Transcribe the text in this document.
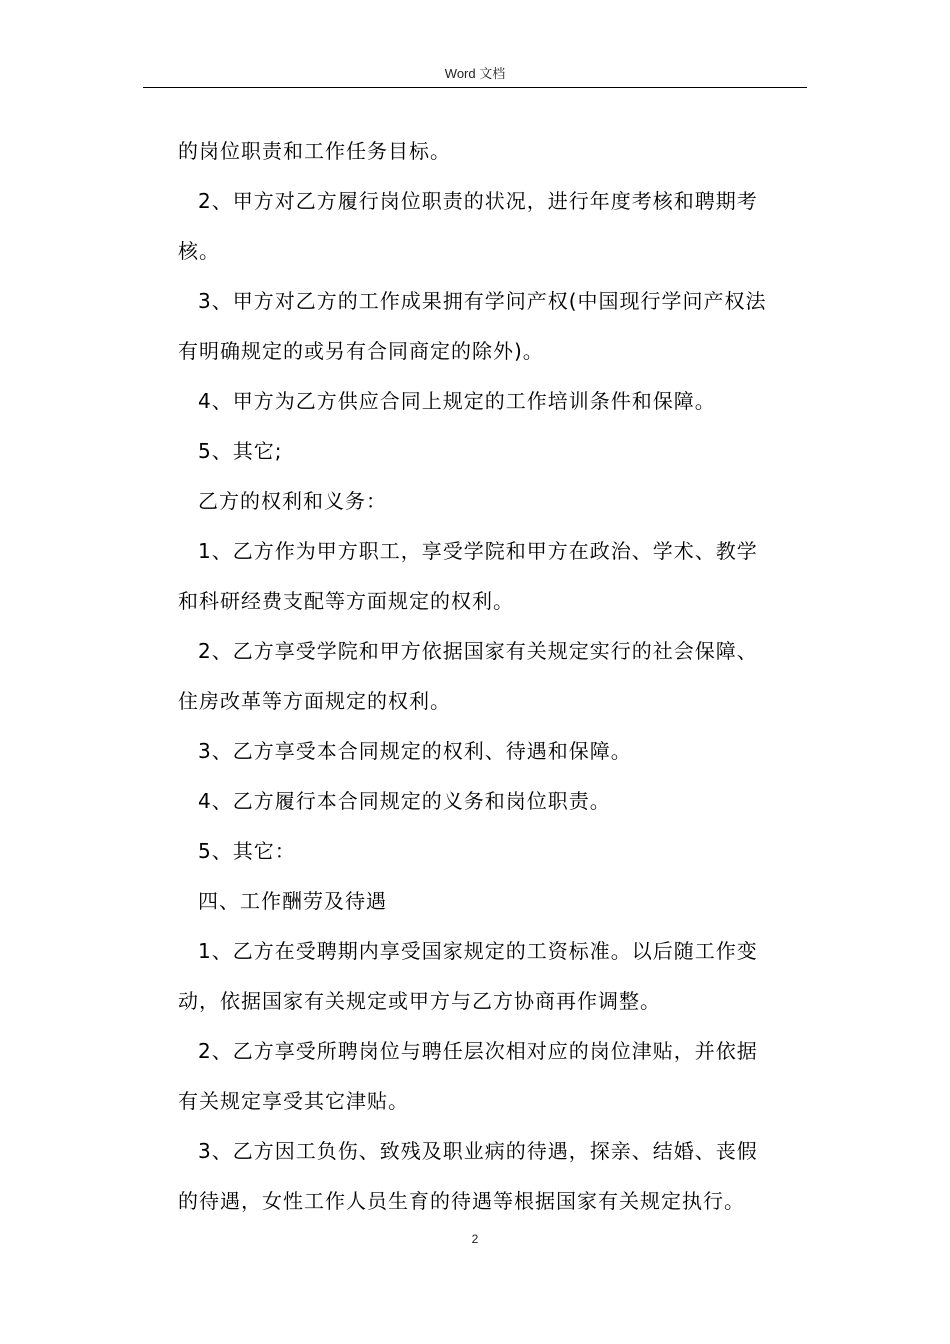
Word 文档

的岗位职责和工作任务目标。

2、甲方对乙方履行岗位职责的状况，进行年度考核和聘期考

核。

3、甲方对乙方的工作成果拥有学问产权(中国现行学问产权法

有明确规定的或另有合同商定的除外)。

4、甲方为乙方供应合同上规定的工作培训条件和保障。

5、其它;

乙方的权利和义务：

1、乙方作为甲方职工，享受学院和甲方在政治、学术、教学

和科研经费支配等方面规定的权利。

2、乙方享受学院和甲方依据国家有关规定实行的社会保障、

住房改革等方面规定的权利。

3、乙方享受本合同规定的权利、待遇和保障。

4、乙方履行本合同规定的义务和岗位职责。

5、其它：

四、工作酬劳及待遇

1、乙方在受聘期内享受国家规定的工资标准。以后随工作变

动，依据国家有关规定或甲方与乙方协商再作调整。

2、乙方享受所聘岗位与聘任层次相对应的岗位津贴，并依据

有关规定享受其它津贴。

3、乙方因工负伤、致残及职业病的待遇，探亲、结婚、丧假

的待遇，女性工作人员生育的待遇等根据国家有关规定执行。

2
